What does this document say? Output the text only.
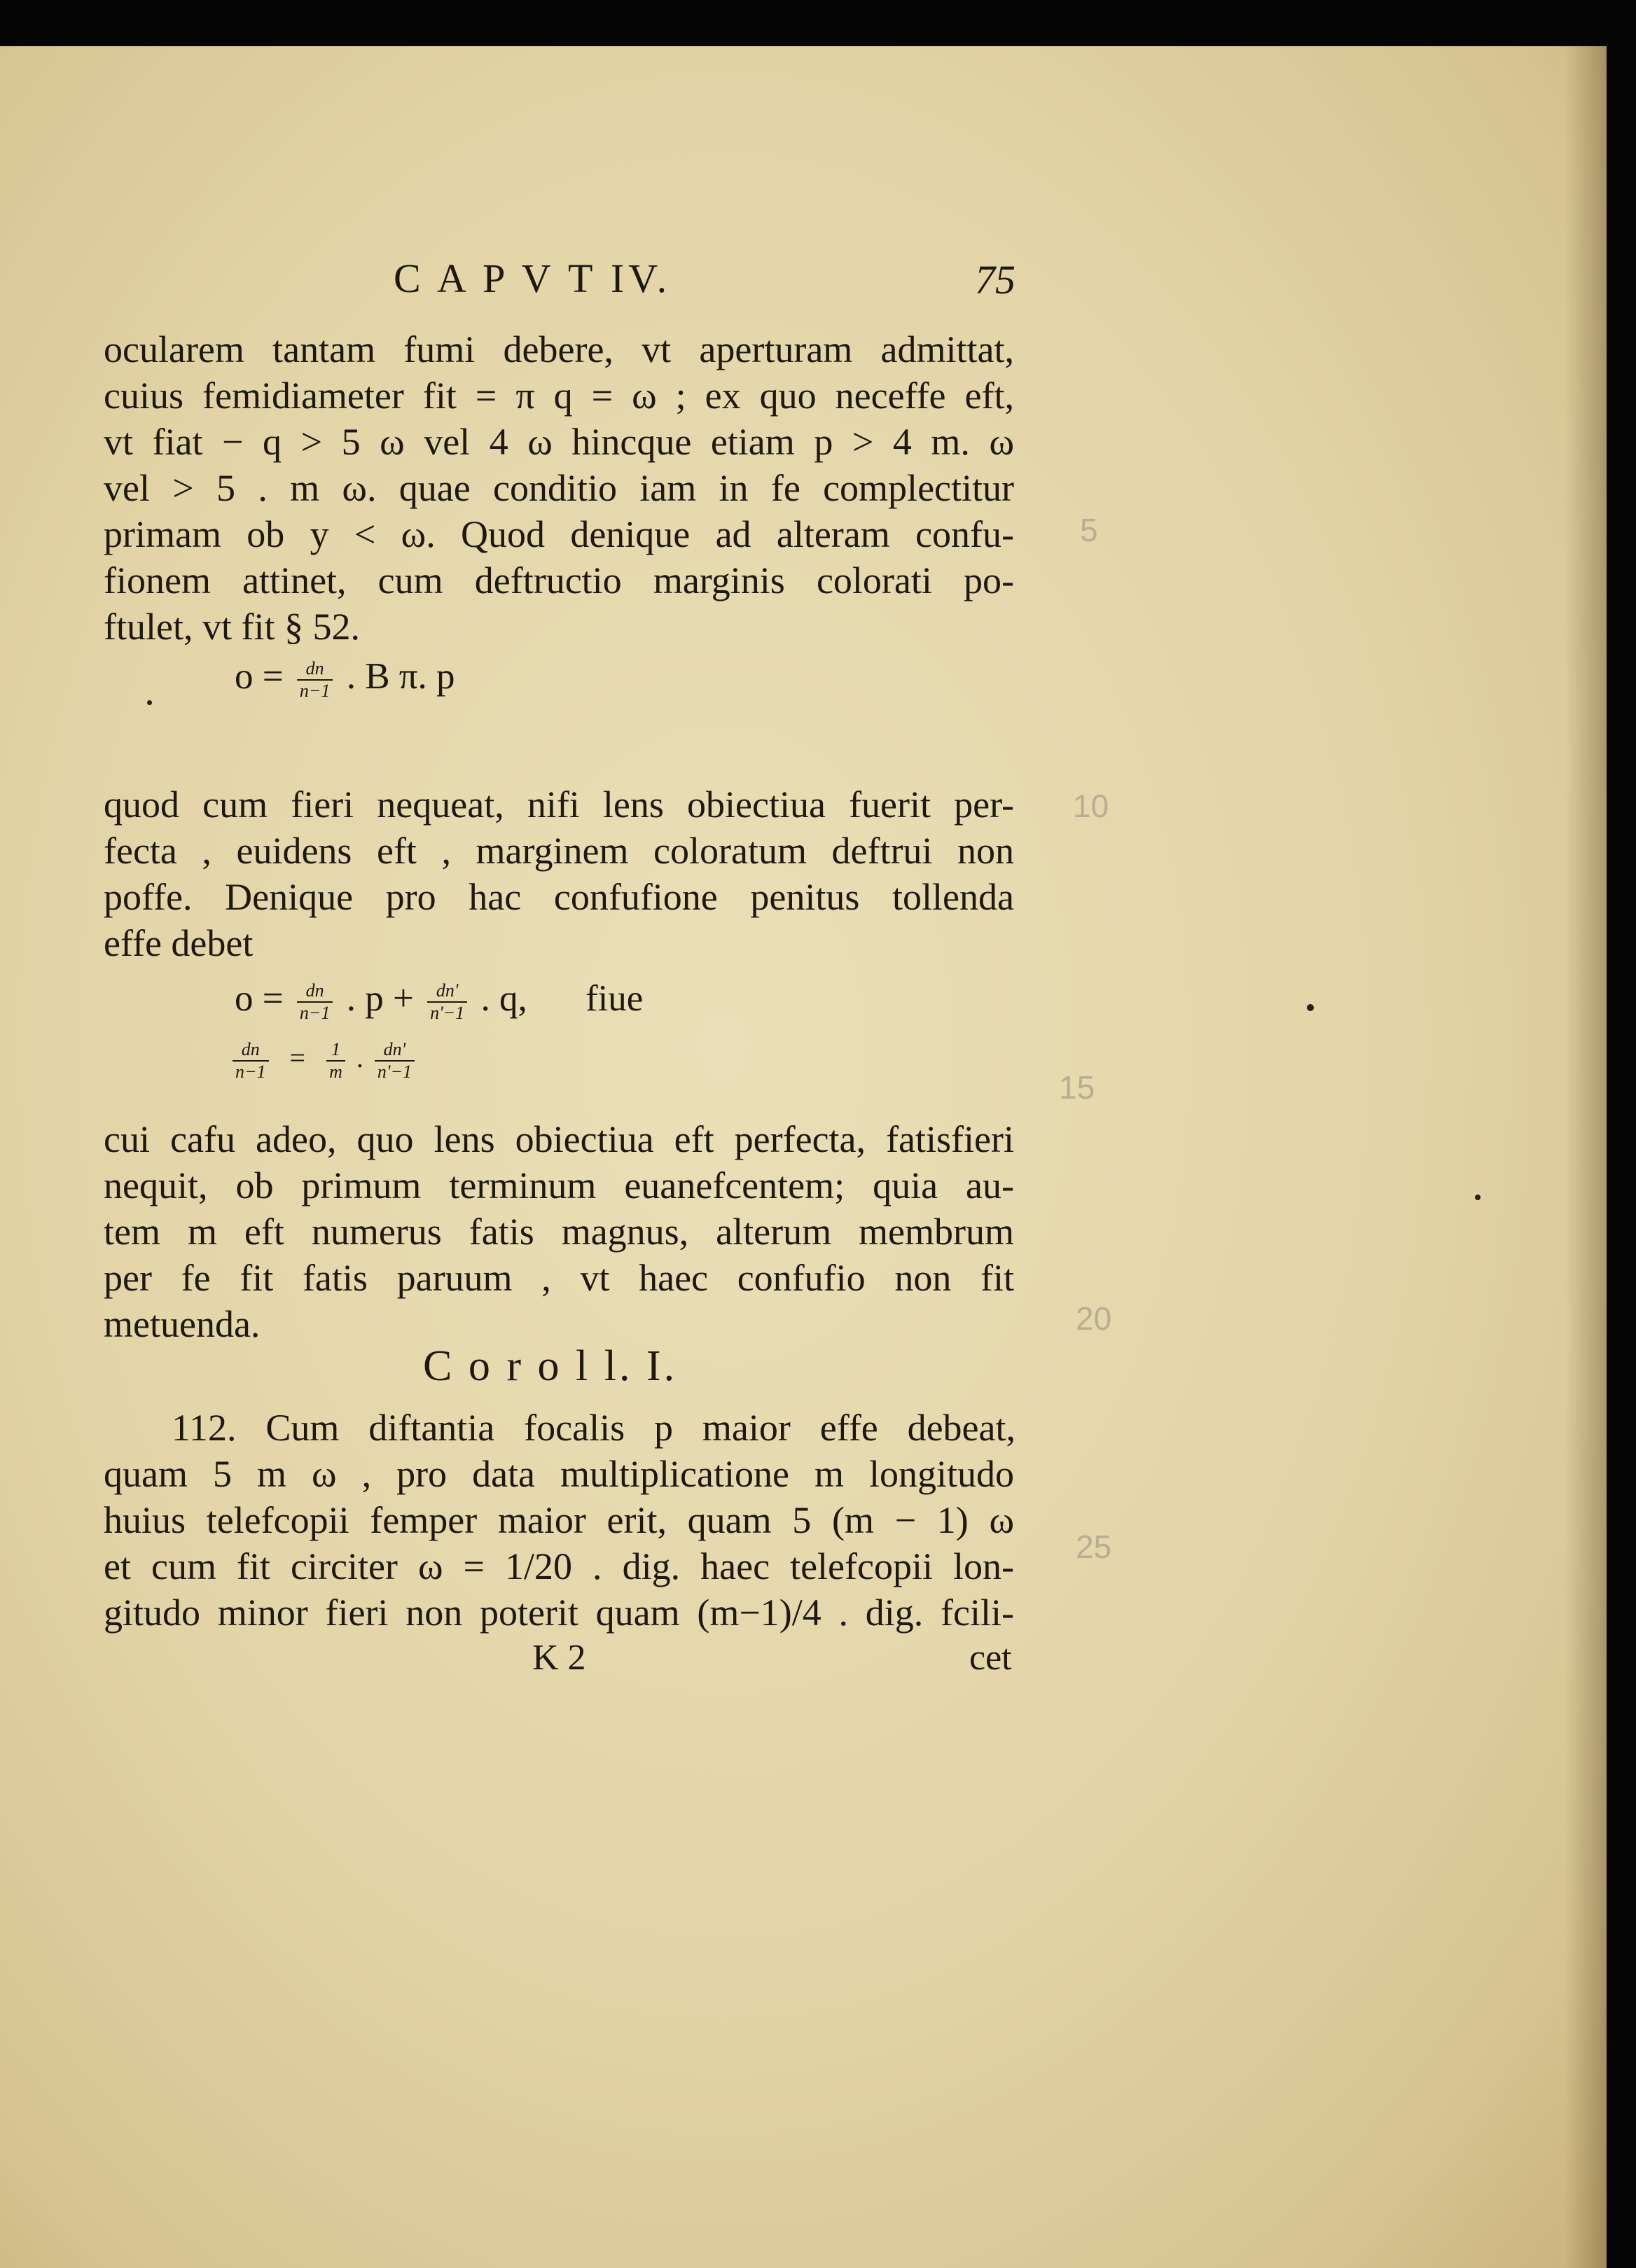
C A P V T IV.	75
ocularem tantam fumi debere, vt aperturam admittat,
cuius femidiameter fit = π q = ω ; ex quo neceffe eft,
vt fiat − q > 5 ω vel 4 ω hincque etiam p > 4 m. ω
vel > 5 . m ω. quae conditio iam in fe complectitur
primam ob y < ω. Quod denique ad alteram confu-
fionem attinet, cum deftructio marginis colorati po-
ftulet, vt fit § 52.
$o = \frac{dn}{n-1}$ . B π. p
quod cum fieri nequeat, nifi lens obiectiua fuerit per-
fecta , euidens eft , marginem coloratum deftrui non
poffe. Denique pro hac confufione penitus tollenda
effe debet
$o = \frac{dn}{n-1}$ . $p + \frac{dn'}{n'-1}$ . q, fiue
$\frac{dn}{n-1} = \frac{1}{m}$ . $\frac{dn'}{n'-1}$
cui cafu adeo, quo lens obiectiua eft perfecta, fatisfieri
nequit, ob primum terminum euanefcentem; quia au-
tem m eft numerus fatis magnus, alterum membrum
per fe fit fatis paruum , vt haec confufio non fit
metuenda.
C o r o l l. I.
112. Cum diftantia focalis p maior effe debeat,
quam 5 m ω , pro data multiplicatione m longitudo
huius telefcopii femper maior erit, quam 5 (m − 1) ω
et cum fit circiter ω = 1/20 . dig. haec telefcopii lon-
gitudo minor fieri non poterit quam (m−1)/4 . dig. fcili-
K 2	cet
5
10
15
20
25
